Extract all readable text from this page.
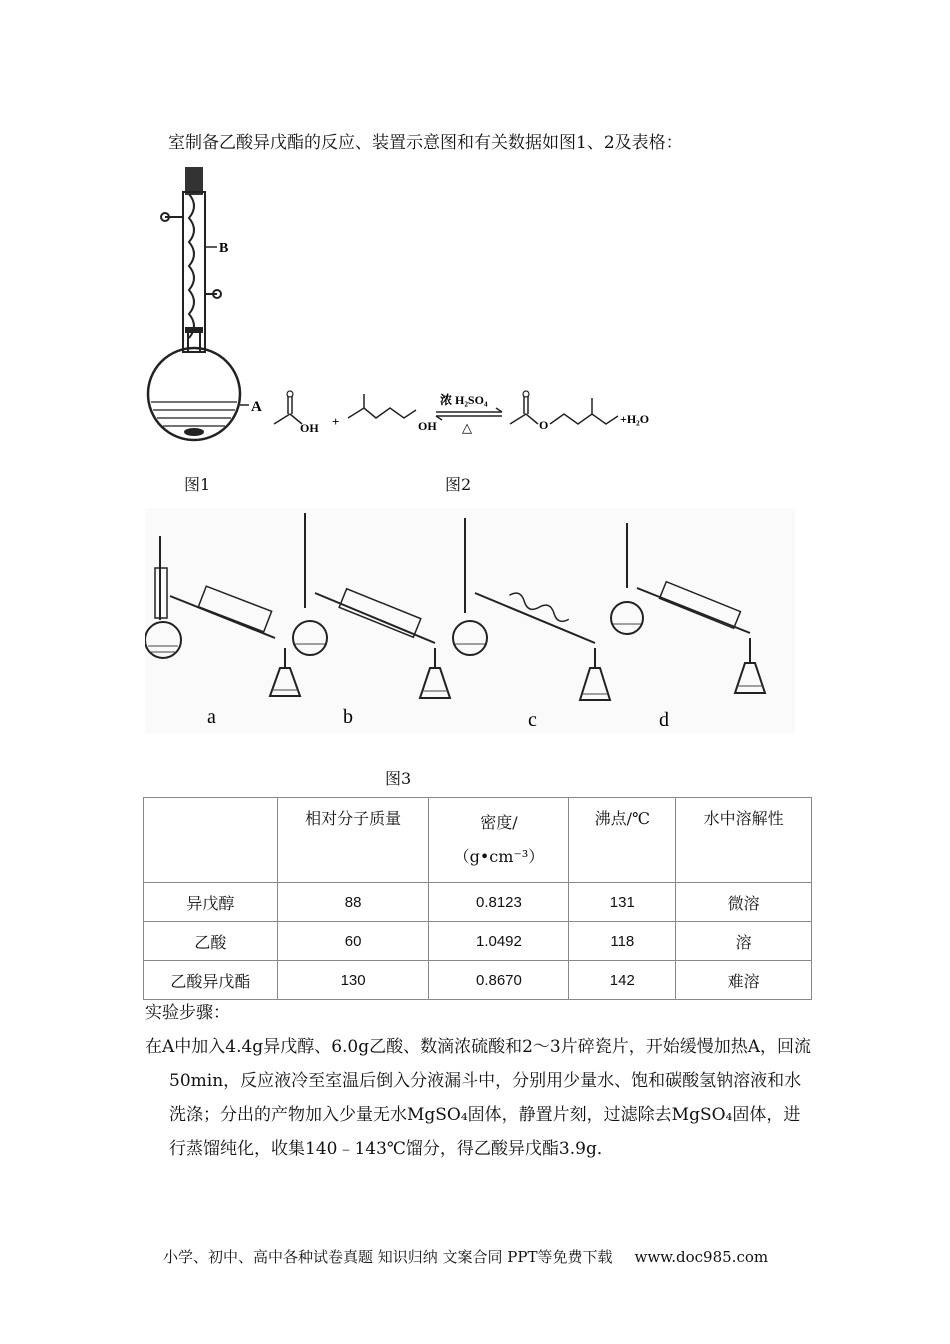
室制备乙酸异戊酯的反应、装置示意图和有关数据如图1、2及表格：
B
A
OH +	OH
浓 H₂SO₄
△	O	+H₂O
图1	图2
a	b	c	d
图3
	相对分子质量	密度/（g•cm⁻³）	沸点/℃	水中溶解性
异戊醇	88	0.8123	131	微溶
乙酸	60	1.0492	118	溶
乙酸异戊酯	130	0.8670	142	难溶
实验步骤：

在A中加入4.4g异戊醇、6.0g乙酸、数滴浓硫酸和2～3片碎瓷片，开始缓慢加热A，回流50min，反应液冷至室温后倒入分液漏斗中，分别用少量水、饱和碳酸氢钠溶液和水洗涤；分出的产物加入少量无水MgSO₄固体，静置片刻，过滤除去MgSO₄固体，进行蒸馏纯化，收集140﹣143℃馏分，得乙酸异戊酯3.9g．

小学、初中、高中各种试卷真题 知识归纳 文案合同 PPT等免费下载 www.doc985.com
